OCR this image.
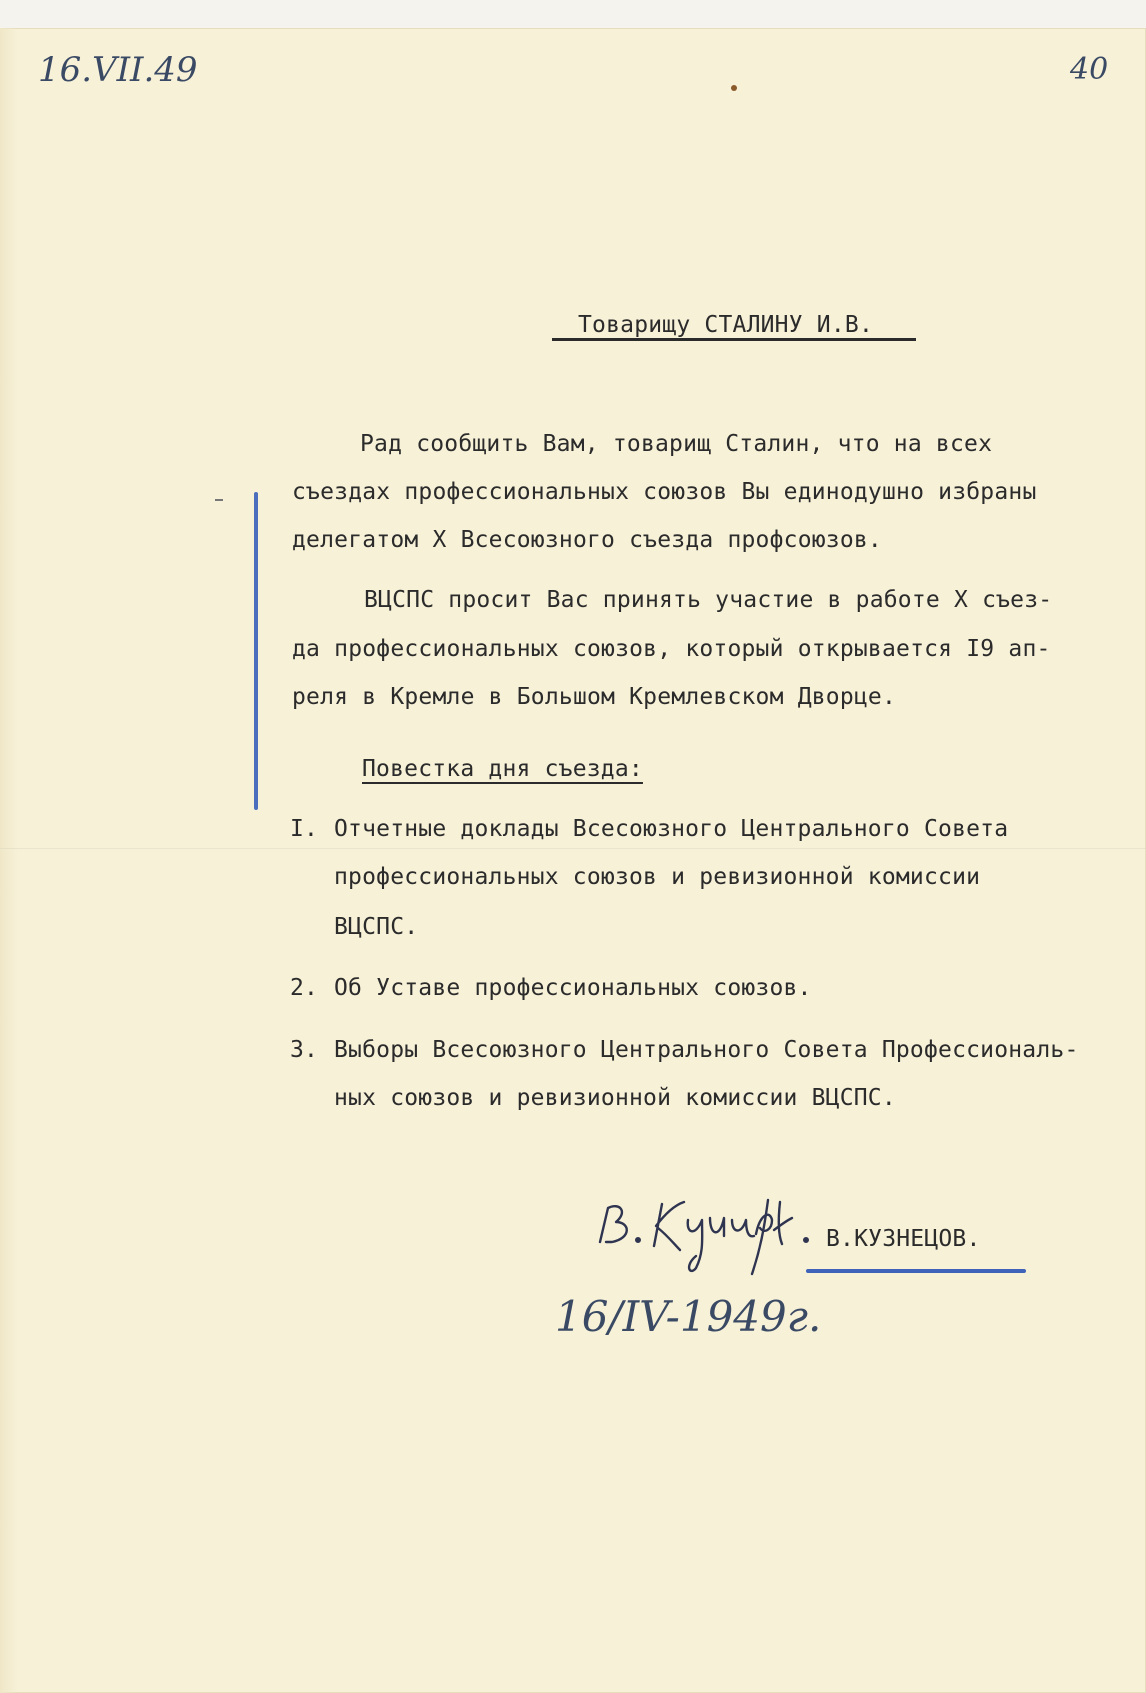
16.VII.49	40
Товарищу СТАЛИНУ И.В.
Рад сообщить Вам, товарищ Сталин, что на всех
съездах профессиональных союзов Вы единодушно избраны
делегатом X Всесоюзного съезда профсоюзов.
ВЦСПС просит Вас принять участие в работе X съез-
да профессиональных союзов, который открывается I9 ап-
реля в Кремле в Большом Кремлевском Дворце.
Повестка дня съезда:
I. Отчетные доклады Всесоюзного Центрального Совета
профессиональных союзов и ревизионной комиссии
ВЦСПС.
2. Об Уставе профессиональных союзов.
3. Выборы Всесоюзного Центрального Совета Профессиональ-
ных союзов и ревизионной комиссии ВЦСПС.
В.КУЗНЕЦОВ.
16/IV-1949г.
